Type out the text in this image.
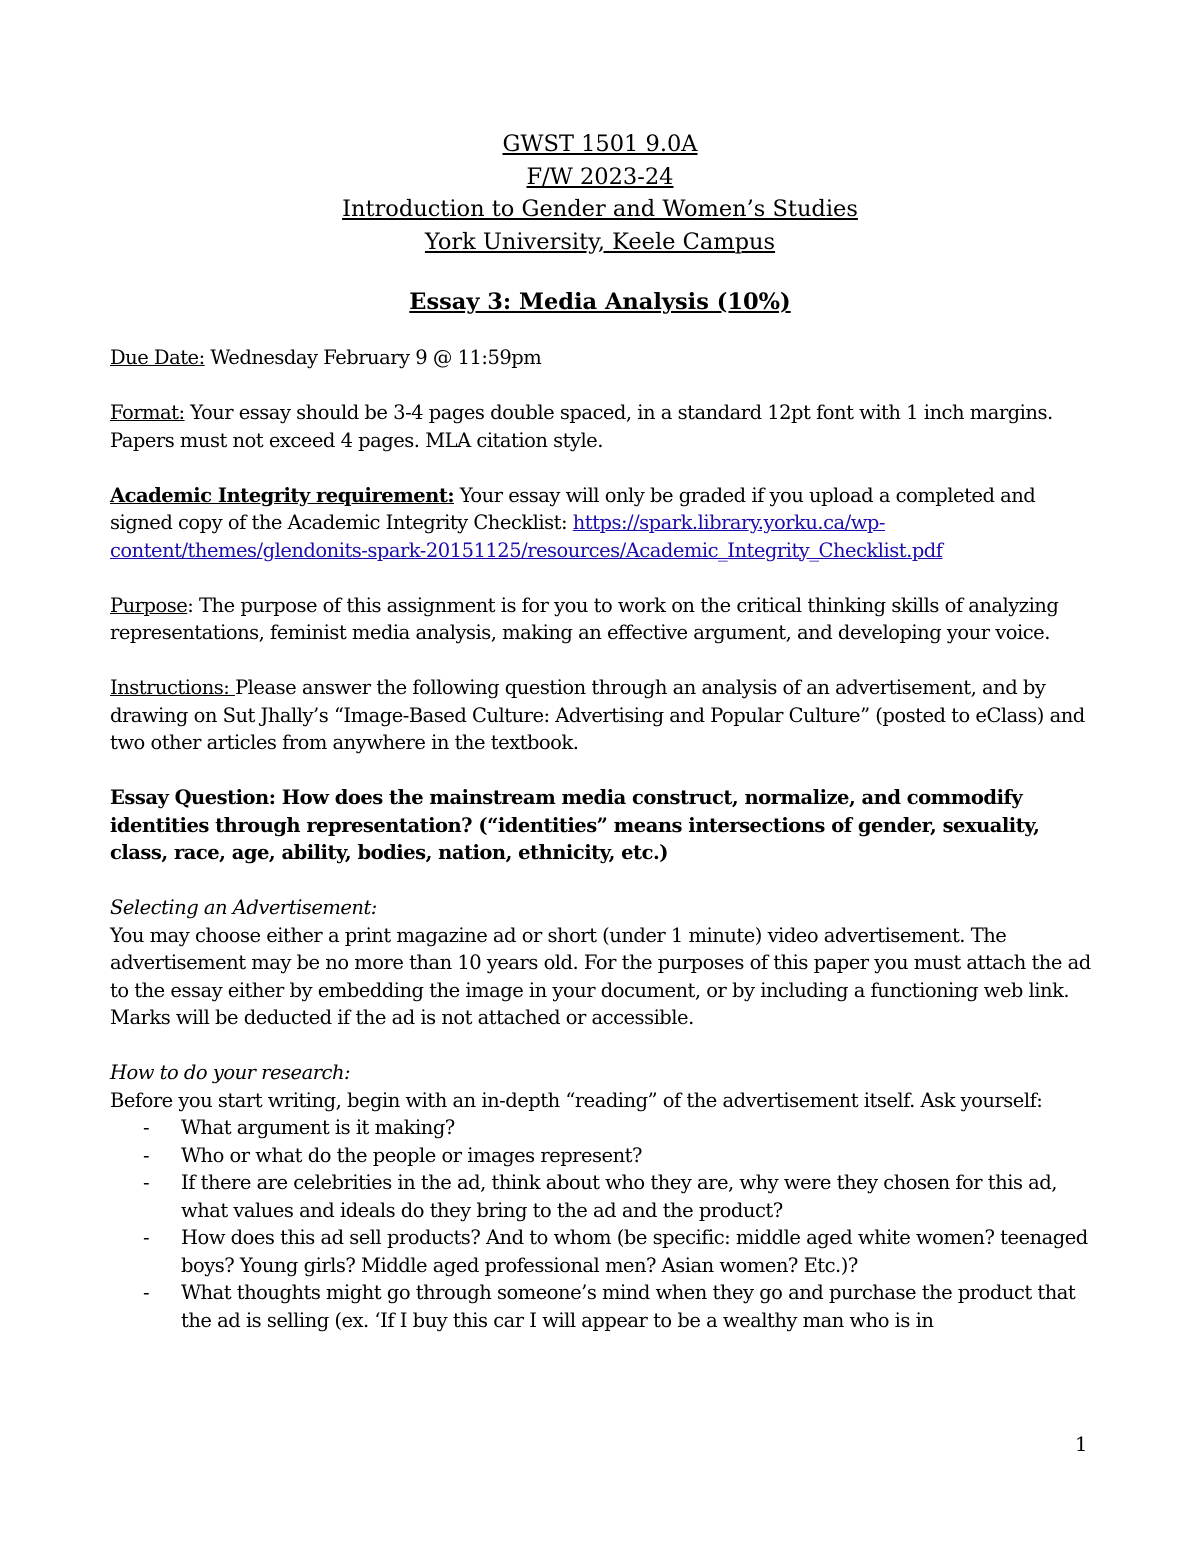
GWST 1501 9.0A
F/W 2023-24
Introduction to Gender and Women’s Studies
York University, Keele Campus
Essay 3: Media Analysis (10%)

Due Date: Wednesday February 9 @ 11:59pm

Format: Your essay should be 3-4 pages double spaced, in a standard 12pt font with 1 inch margins. Papers must not exceed 4 pages. MLA citation style.

Academic Integrity requirement: Your essay will only be graded if you upload a completed and signed copy of the Academic Integrity Checklist: https://spark.library.yorku.ca/wp-
content/themes/glendonits-spark-20151125/resources/Academic_Integrity_Checklist.pdf

Purpose: The purpose of this assignment is for you to work on the critical thinking skills of analyzing representations, feminist media analysis, making an effective argument, and developing your voice.

Instructions: Please answer the following question through an analysis of an advertisement, and by drawing on Sut Jhally’s “Image-Based Culture: Advertising and Popular Culture” (posted to eClass) and two other articles from anywhere in the textbook.

Essay Question: How does the mainstream media construct, normalize, and commodify identities through representation? (“identities” means intersections of gender, sexuality, class, race, age, ability, bodies, nation, ethnicity, etc.)

Selecting an Advertisement:
You may choose either a print magazine ad or short (under 1 minute) video advertisement. The advertisement may be no more than 10 years old. For the purposes of this paper you must attach the ad to the essay either by embedding the image in your document, or by including a functioning web link. Marks will be deducted if the ad is not attached or accessible.

How to do your research:
Before you start writing, begin with an in-depth “reading” of the advertisement itself. Ask yourself:
- What argument is it making?
- Who or what do the people or images represent?
- If there are celebrities in the ad, think about who they are, why were they chosen for this ad, what values and ideals do they bring to the ad and the product?
- How does this ad sell products? And to whom (be specific: middle aged white women? teenaged boys? Young girls? Middle aged professional men? Asian women? Etc.)?
- What thoughts might go through someone’s mind when they go and purchase the product that the ad is selling (ex. ‘If I buy this car I will appear to be a wealthy man who is in
1
